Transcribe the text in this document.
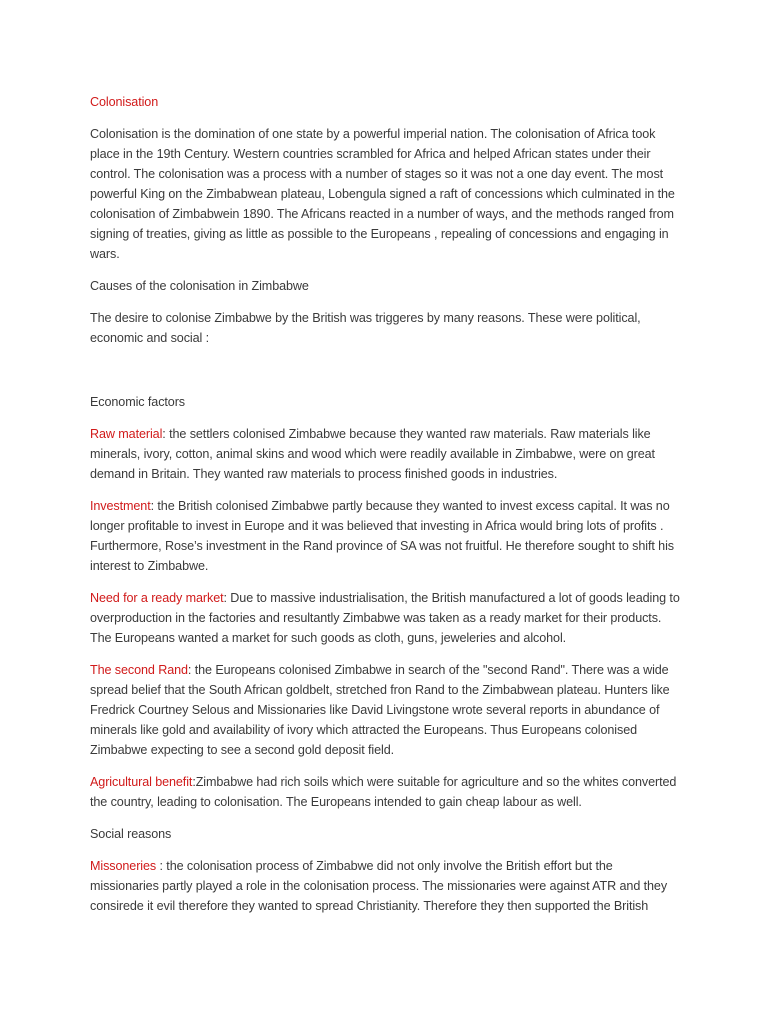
Colonisation

Colonisation is the domination of one state by a powerful imperial nation. The colonisation of Africa took place in the 19th Century. Western countries scrambled for Africa and helped African states under their control. The colonisation was a process with a number of stages so it was not a one day event. The most powerful King on the Zimbabwean plateau, Lobengula signed a raft of concessions which culminated in the colonisation of Zimbabwein 1890. The Africans reacted in a number of ways, and the methods ranged from signing of treaties, giving as little as possible to the Europeans , repealing of concessions and engaging in wars.

Causes of the colonisation in Zimbabwe

The desire to colonise Zimbabwe by the British was triggeres by many reasons. These were political, economic and social :

Economic factors

Raw material: the settlers colonised Zimbabwe because they wanted raw materials. Raw materials like minerals, ivory, cotton, animal skins and wood which were readily available in Zimbabwe, were on great demand in Britain. They wanted raw materials to process finished goods in industries.

Investment: the British colonised Zimbabwe partly because they wanted to invest excess capital. It was no longer profitable to invest in Europe and it was believed that investing in Africa would bring lots of profits . Furthermore, Rose’s investment in the Rand province of SA was not fruitful. He therefore sought to shift his interest to Zimbabwe.

Need for a ready market: Due to massive industrialisation, the British manufactured a lot of goods leading to overproduction in the factories and resultantly Zimbabwe was taken as a ready market for their products. The Europeans wanted a market for such goods as cloth, guns, jeweleries and alcohol.

The second Rand: the Europeans colonised Zimbabwe in search of the "second Rand". There was a wide spread belief that the South African goldbelt, stretched fron Rand to the Zimbabwean plateau. Hunters like Fredrick Courtney Selous and Missionaries like David Livingstone wrote several reports in abundance of minerals like gold and availability of ivory which attracted the Europeans. Thus Europeans colonised Zimbabwe expecting to see a second gold deposit field.

Agricultural benefit:Zimbabwe had rich soils which were suitable for agriculture and so the whites converted the country, leading to colonisation. The Europeans intended to gain cheap labour as well.

Social reasons

Missoneries : the colonisation process of Zimbabwe did not only involve the British effort but the missionaries partly played a role in the colonisation process. The missionaries were against ATR and they consirede it evil therefore they wanted to spread Christianity. Therefore they then supported the British
